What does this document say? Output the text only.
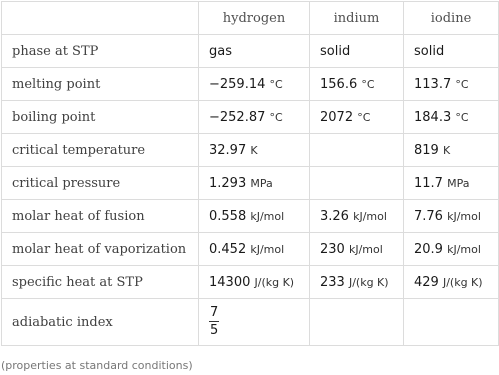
	hydrogen	indium	iodine
phase at STP	gas	solid	solid
melting point	−259.14 °C	156.6 °C	113.7 °C
boiling point	−252.87 °C	2072 °C	184.3 °C
critical temperature	32.97 K		819 K
critical pressure	1.293 MPa		11.7 MPa
molar heat of fusion	0.558 kJ/mol	3.26 kJ/mol	7.76 kJ/mol
molar heat of vaporization	0.452 kJ/mol	230 kJ/mol	20.9 kJ/mol
specific heat at STP	14300 J/(kg K)	233 J/(kg K)	429 J/(kg K)
adiabatic index	$\frac{7}{5}$

(properties at standard conditions)
